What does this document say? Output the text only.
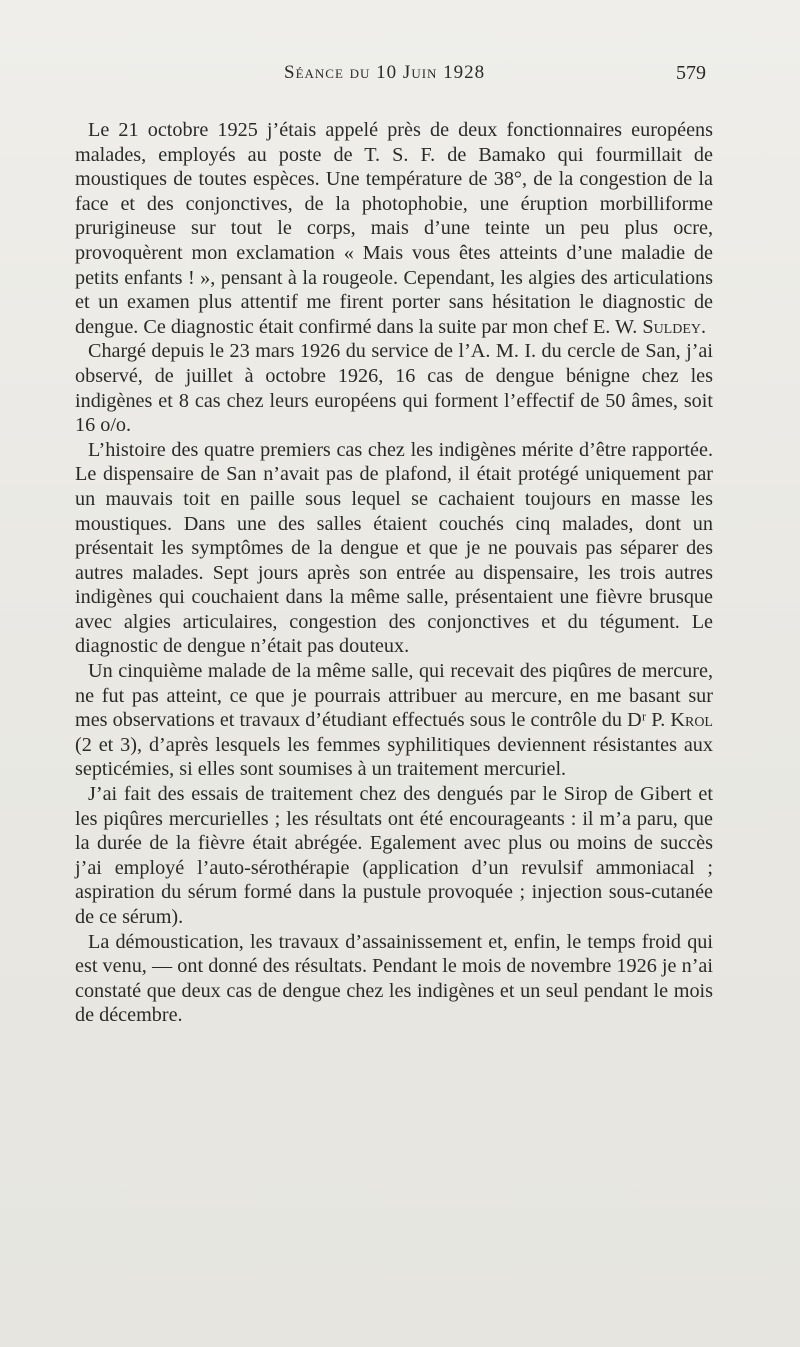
Séance du 10 Juin 1928	579

Le 21 octobre 1925 j’étais appelé près de deux fonctionnaires européens malades, employés au poste de T. S. F. de Bamako qui fourmillait de moustiques de toutes espèces. Une température de 38°, de la congestion de la face et des conjonctives, de la photophobie, une éruption morbilliforme prurigineuse sur tout le corps, mais d’une teinte un peu plus ocre, provoquèrent mon exclamation « Mais vous êtes atteints d’une maladie de petits enfants ! », pensant à la rougeole. Cependant, les algies des articulations et un examen plus attentif me firent porter sans hésitation le diagnostic de dengue. Ce diagnostic était confirmé dans la suite par mon chef E. W. Suldey.

Chargé depuis le 23 mars 1926 du service de l’A. M. I. du cercle de San, j’ai observé, de juillet à octobre 1926, 16 cas de dengue bénigne chez les indigènes et 8 cas chez leurs européens qui forment l’effectif de 50 âmes, soit 16 o/o.

L’histoire des quatre premiers cas chez les indigènes mérite d’être rapportée. Le dispensaire de San n’avait pas de plafond, il était protégé uniquement par un mauvais toit en paille sous lequel se cachaient toujours en masse les moustiques. Dans une des salles étaient couchés cinq malades, dont un présentait les symptômes de la dengue et que je ne pouvais pas séparer des autres malades. Sept jours après son entrée au dispensaire, les trois autres indigènes qui couchaient dans la même salle, présentaient une fièvre brusque avec algies articulaires, congestion des conjonctives et du tégument. Le diagnostic de dengue n’était pas douteux.

Un cinquième malade de la même salle, qui recevait des piqûres de mercure, ne fut pas atteint, ce que je pourrais attribuer au mercure, en me basant sur mes observations et travaux d’étudiant effectués sous le contrôle du Dʳ P. Krol (2 et 3), d’après lesquels les femmes syphilitiques deviennent résistantes aux septicémies, si elles sont soumises à un traitement mercuriel.

J’ai fait des essais de traitement chez des dengués par le Sirop de Gibert et les piqûres mercurielles ; les résultats ont été encourageants : il m’a paru, que la durée de la fièvre était abrégée. Egalement avec plus ou moins de succès j’ai employé l’auto-sérothérapie (application d’un revulsif ammoniacal ; aspiration du sérum formé dans la pustule provoquée ; injection sous-cutanée de ce sérum).

La démoustication, les travaux d’assainissement et, enfin, le temps froid qui est venu, — ont donné des résultats. Pendant le mois de novembre 1926 je n’ai constaté que deux cas de dengue chez les indigènes et un seul pendant le mois de décembre.
